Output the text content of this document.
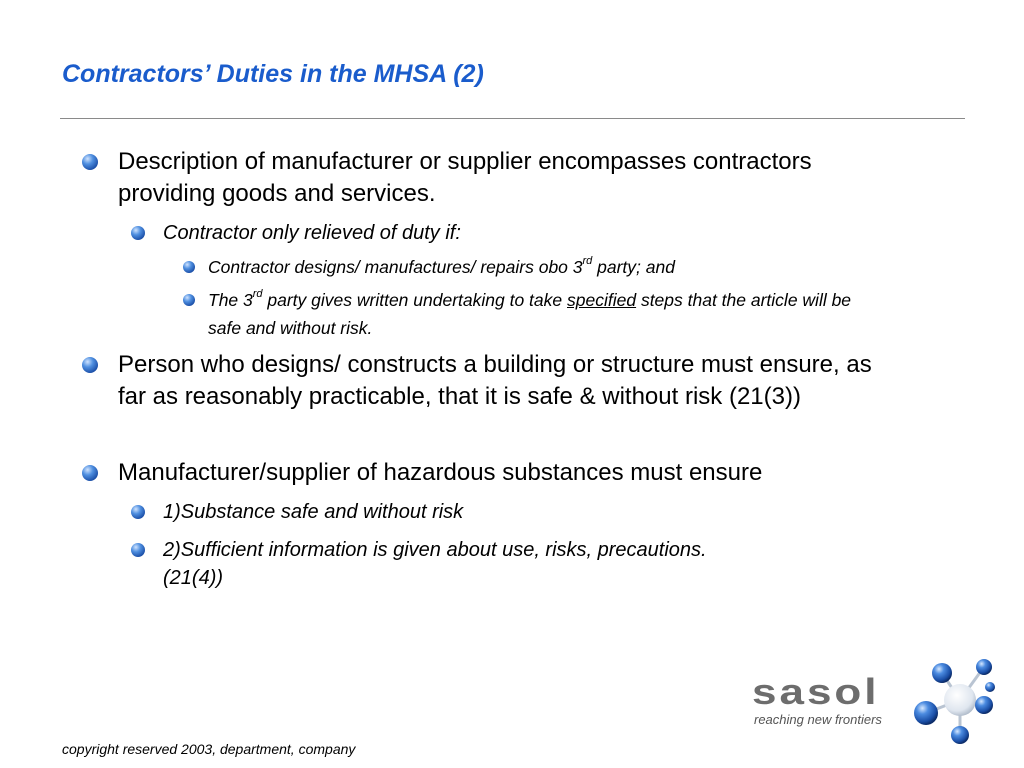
Contractors’ Duties in the MHSA (2)
Description of manufacturer or supplier encompasses contractors providing goods and services.
Contractor only relieved of duty if:
Contractor designs/ manufactures/ repairs obo 3rd party; and
The 3rd party gives written undertaking to take specified steps that the article will be safe and without risk.
Person who designs/ constructs a building or structure must ensure, as far as reasonably practicable, that it is safe & without risk (21(3))
Manufacturer/supplier of hazardous substances must ensure
1)Substance safe and without risk
2)Sufficient information is given about use, risks, precautions.(21(4))
sasol
reaching new frontiers
copyright reserved 2003, department, company
